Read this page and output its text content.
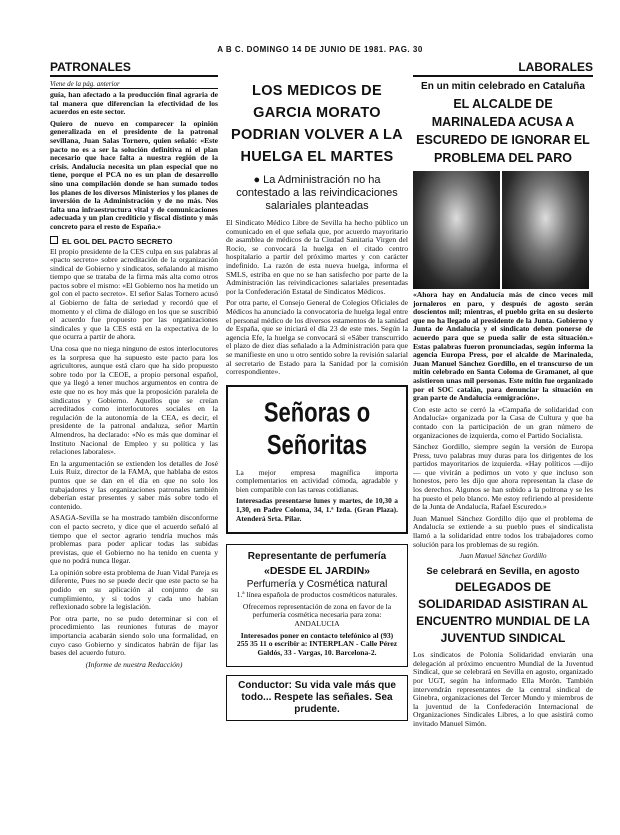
A B C. DOMINGO 14 DE JUNIO DE 1981. PAG. 30
PATRONALES
Viene de la pág. anterior

guía, han afectado a la producción final agraria de tal manera que diferencian la efectividad de los acuerdos en este sector.

Quiero de nuevo en comparecer la opinión generalizada en el presidente de la patronal sevillana, Juan Salas Tornero, quien señaló: «Este pacto no es a ser la solución definitiva ni el plan necesario que hace falta a nuestra región de la crisis. Andalucía necesita un plan especial que no tiene, porque el PCA no es un plan de desarrollo sino una compilación donde se han sumado todos los planes de los diversos Ministerios y los planes de inversión de la Administración y de no más. Nos falta una infraestructura vital y de comunicaciones adecuada y un plan crediticio y fiscal distinto y más concreto para el resto de España.»

EL GOL DEL PACTO SECRETO

El propio presidente de la CES culpa en sus palabras al «pacto secreto» sobre acreditación de la organización sindical de Gobierno y sindicatos, señalando al mismo tiempo que se trataba de la firma más alta como otros pactos sobre el mismo: «El Gobierno nos ha metido un gol con el pacto secreto». El señor Salas Tornero acusó al Gobierno de falta de seriedad y recordó que el momento y el clima de diálogo en los que se suscribió el acuerdo fue propuesto por las organizaciones sindicales y que la CES está en la expectativa de lo que ocurra a partir de ahora.

Una cosa que no niega ninguno de estos interlocutores es la sorpresa que ha supuesto este pacto para los agricultores, aunque está claro que ha sido propuesto sobre todo por la CEOE, a propio personal español, que ya llegó a tener muchos argumentos en contra de este que no es hoy más que la proposición paralela de sindicatos y Gobierno. Aquellos que se creían acreditados como interlocutores sociales en la regulación de la autonomía de la CEA, es decir, el presidente de la patronal andaluza, señor Martín Almendros, ha declarado: «No es más que dominar el Instituto Nacional de Empleo y su política y las relaciones laborales».

En la argumentación se extienden los detalles de José Luis Ruiz, director de la FAMA, que hablaba de estos puntos que se dan en el día en que no solo los trabajadores y las organizaciones patronales también deberían estar presentes y saber más sobre todo el contenido.

ASAGA-Sevilla se ha mostrado también disconforme con el pacto secreto, y dice que el acuerdo señaló al tiempo que el sector agrario tendría muchos más problemas para poder aplicar todas las subidas previstas, que el Gobierno no ha tenido en cuenta y que no podrá nunca llegar.

La opinión sobre esta problema de Juan Vidal Pareja es diferente, Pues no se puede decir que este pacto se ha podido en su aplicación al conjunto de su cumplimiento, y si todos y cada uno habían reflexionado sobre la legislación.

Por otra parte, no se pudo determinar si con el procedimiento las reuniones futuras de mayor importancia acabarán siendo solo una formalidad, en cuyo caso Gobierno y sindicatos habrán de fijar las bases del acuerdo futuro.

(Informe de nuestra Redacción)

LOS MEDICOS DE GARCIA MORATO PODRIAN VOLVER A LA HUELGA EL MARTES
● La Administración no ha contestado a las reivindicaciones salariales planteadas

El Sindicato Médico Libre de Sevilla ha hecho público un comunicado en el que señala que, por acuerdo mayoritario de asamblea de médicos de la Ciudad Sanitaria Virgen del Rocío, se convocará la huelga en el citado centro hospitalario a partir del próximo martes y con carácter indefinido. La razón de esta nueva huelga, informa el SMLS, estriba en que no se han satisfecho por parte de la Administración las reivindicaciones salariales presentadas por la Confederación Estatal de Sindicatos Médicos.

Por otra parte, el Consejo General de Colegios Oficiales de Médicos ha anunciado la convocatoria de huelga legal entre el personal médico de los diversos estamentos de la sanidad de España, que se iniciará el día 23 de este mes. Según la agencia Efe, la huelga se convocará si «Sáber transcurrido el plazo de diez días señalado a la Administración para que se manifieste en uno u otro sentido sobre la revisión salarial al secretario de Estado para la Sanidad por la comisión correspondiente».

Señoras o Señoritas

La mejor empresa magnífica importa complementarios en actividad cómoda, agradable y bien compatible con las tareas cotidianas.

Interesadas presentarse lunes y martes, de 10,30 a 1,30, en Padre Coloma, 34, 1.ª Izda. (Gran Plaza). Atenderá Srta. Pilar.

Representante de perfumería
«DESDE EL JARDIN»
Perfumería y Cosmética natural

1.ª línea española de productos cosméticos naturales.

Ofrecemos representación de zona en favor de la perfumería cosmética necesaria para zona: ANDALUCIA

Interesados poner en contacto telefónico al (93) 255 35 11 o escribir a: INTERPLAN - Calle Pérez Galdós, 33 - Vargas, 10. Barcelona-2.

Conductor: Su vida vale más que todo... Respete las señales. Sea prudente.
LABORALES
En un mitin celebrado en Cataluña
EL ALCALDE DE MARINALEDA ACUSA A ESCUREDO DE IGNORAR EL PROBLEMA DEL PARO

«Ahora hay en Andalucía más de cinco veces mil jornaleros en paro, y después de agosto serán doscientos mil; mientras, el pueblo grita en su desierto que no ha llegado al presidente de la Junta. Gobierno y Junta de Andalucía y el sindicato deben ponerse de acuerdo para que se pueda salir de esta situación.» Estas palabras fueron pronunciadas, según informa la agencia Europa Press, por el alcalde de Marinaleda, Juan Manuel Sánchez Gordillo, en el transcurso de un mitin celebrado en Santa Coloma de Gramanet, al que asistieron unas mil personas. Este mitin fue organizado por el SOC catalán, para denunciar la situación en gran parte de Andalucía «emigración».

Con este acto se cerró la «Campaña de solidaridad con Andalucía» organizada por la Casa de Cultura y que ha contado con la participación de un gran número de organizaciones de izquierda, como el Partido Socialista.

Sánchez Gordillo, siempre según la versión de Europa Press, tuvo palabras muy duras para los dirigentes de los partidos mayoritarios de izquierda. «Hay políticos —dijo— que vivirán a pedirnos un voto y que incluso son honestos, pero les dijo que ahora representan la clase de los derechos. Algunos se han subido a la poltrona y se les ha puesto el pelo blanco. Me estoy refiriendo al presidente de la Junta de Andalucía, Rafael Escuredo.»

Juan Manuel Sánchez Gordillo dijo que el problema de Andalucía se extiende a su pueblo pues el sindicalista llamó a la solidaridad entre todos los trabajadores como solución para los problemas de su región.

Juan Manuel Sánchez Gordillo
Se celebrará en Sevilla, en agosto
DELEGADOS DE SOLIDARIDAD ASISTIRAN AL ENCUENTRO MUNDIAL DE LA JUVENTUD SINDICAL

Los sindicatos de Polonia Solidaridad enviarán una delegación al próximo encuentro Mundial de la Juventud Sindical, que se celebrará en Sevilla en agosto, organizado por UGT, según ha informado Ella Morón. También intervendrán representantes de la central sindical de Ginebra, organizaciones del Tercer Mundo y miembros de la juventud de la Confederación Internacional de Organizaciones Sindicales Libres, a lo que asistirá como invitado Manuel Simón.
